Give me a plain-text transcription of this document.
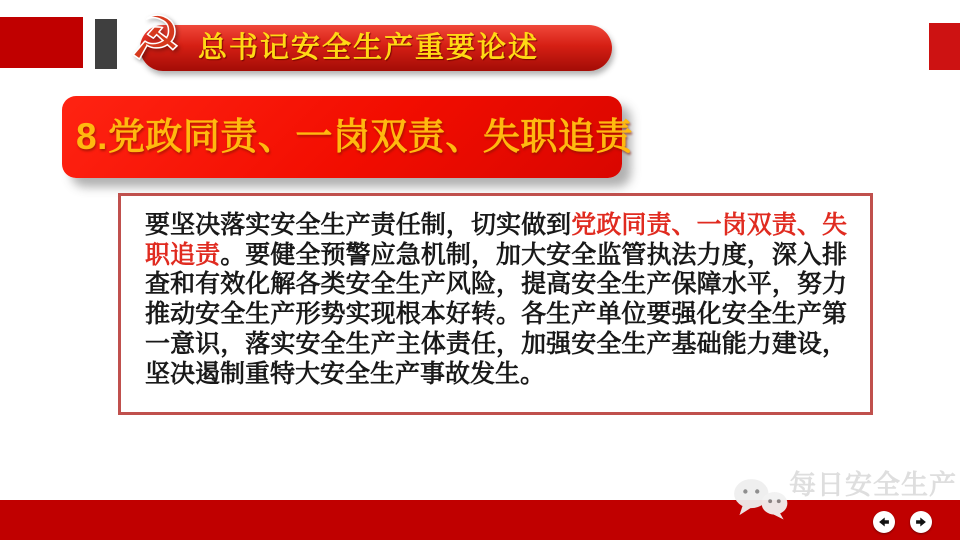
总书记安全生产重要论述
☭
8.党政同责、一岗双责、失职追责
要坚决落实安全生产责任制，切实做到党政同责、一岗双责、失职追责。要健全预警应急机制，加大安全监管执法力度，深入排查和有效化解各类安全生产风险，提高安全生产保障水平，努力推动安全生产形势实现根本好转。各生产单位要强化安全生产第一意识，落实安全生产主体责任，加强安全生产基础能力建设，坚决遏制重特大安全生产事故发生。
每日安全生产
